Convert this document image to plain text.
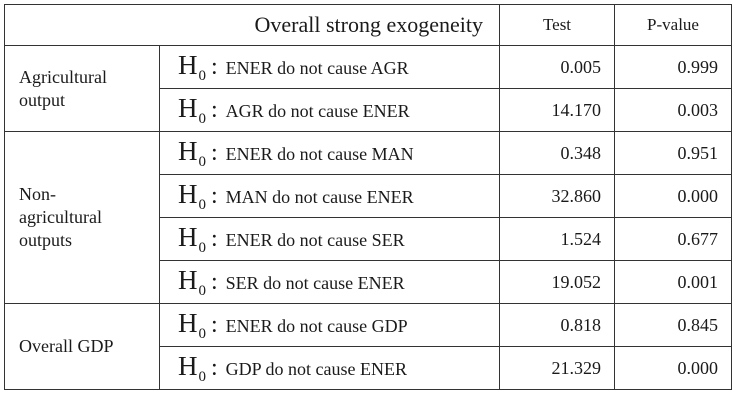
Overall strong exogeneity		Test	P-value
Agricultural
output	$H_0$ : ENER do not cause AGR	0.005	0.999
	$H_0$ : AGR do not cause ENER	14.170	0.003
Non-
agricultural
outputs	$H_0$ : ENER do not cause MAN	0.348	0.951
	$H_0$ : MAN do not cause ENER	32.860	0.000
	$H_0$ : ENER do not cause SER	1.524	0.677
	$H_0$ : SER do not cause ENER	19.052	0.001
Overall GDP	$H_0$ : ENER do not cause GDP	0.818	0.845
	$H_0$ : GDP do not cause ENER	21.329	0.000
